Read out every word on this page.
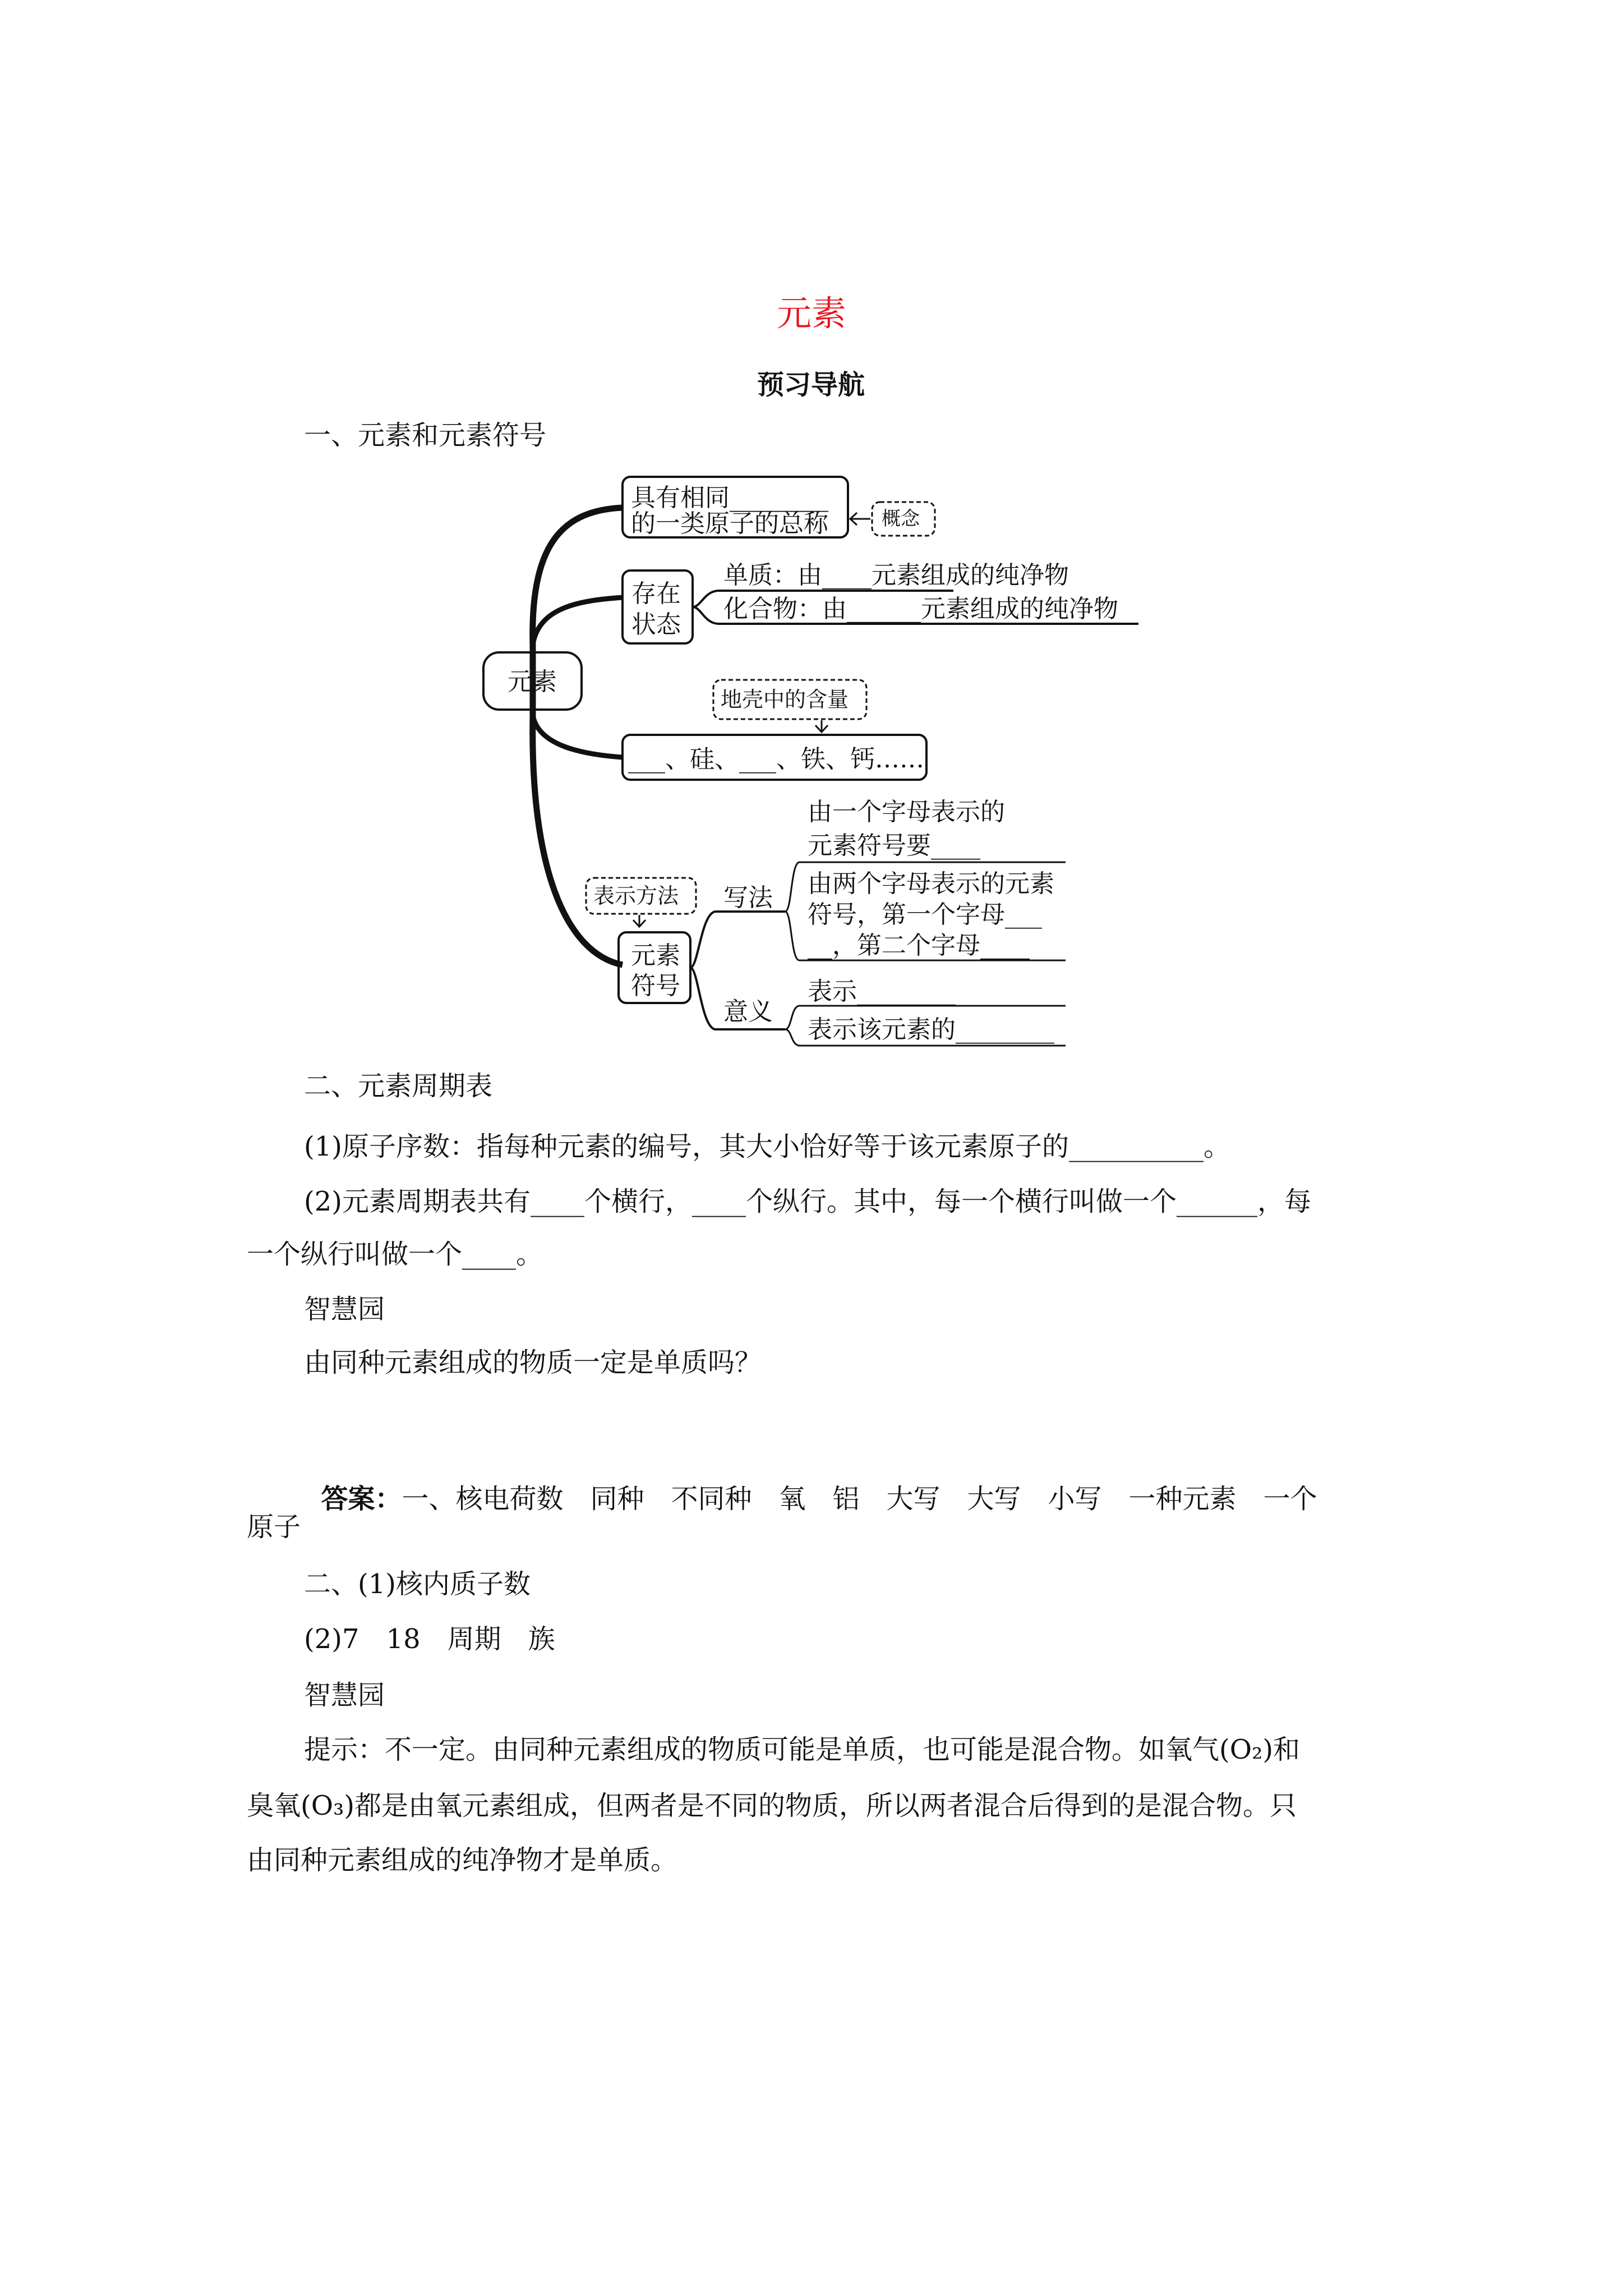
元素
预习导航
一、元素和元素符号
元素
具有相同________
的一类原子的总称	概念
存在
状态
单质：由____元素组成的纯净物
化合物：由______元素组成的纯净物
地壳中的含量
___、硅、___、铁、钙……
表示方法
元素
符号
写法
由一个字母表示的
元素符号要____
由两个字母表示的元素
符号，第一个字母___
__，第二个字母____
意义
表示________
表示该元素的________
二、元素周期表
(1)原子序数：指每种元素的编号，其大小恰好等于该元素原子的__________。
(2)元素周期表共有____个横行，____个纵行。其中，每一个横行叫做一个______，每
一个纵行叫做一个____。
智慧园
由同种元素组成的物质一定是单质吗？

答案：一、核电荷数　同种　不同种　氧　铝　大写　大写　小写　一种元素　一个

原子
二、(1)核内质子数
(2)7　18　周期　族
智慧园
提示：不一定。由同种元素组成的物质可能是单质，也可能是混合物。如氧气(O₂)和
臭氧(O₃)都是由氧元素组成，但两者是不同的物质，所以两者混合后得到的是混合物。只
由同种元素组成的纯净物才是单质。
